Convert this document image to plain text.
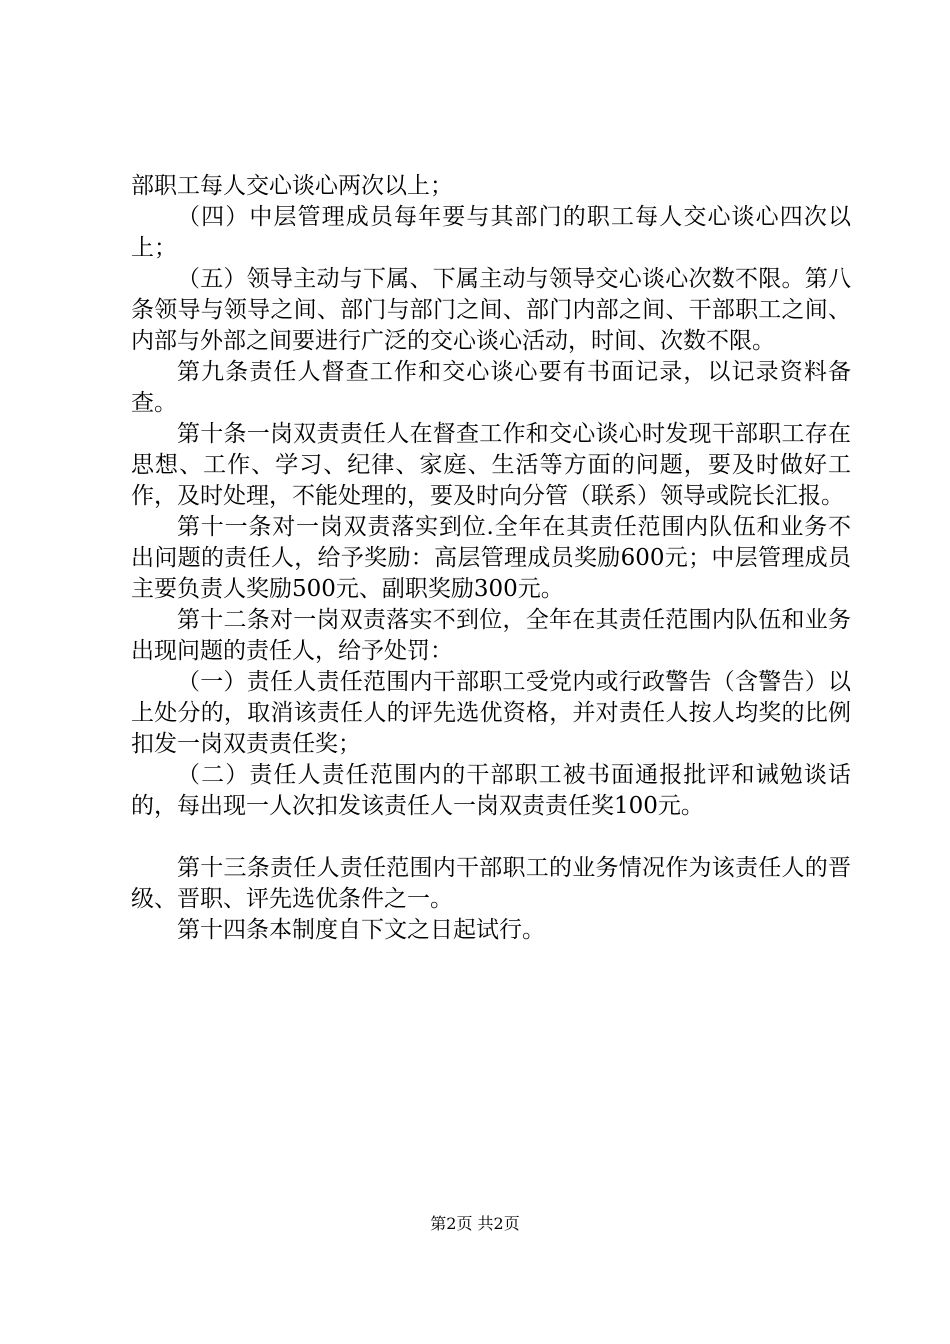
部职工每人交心谈心两次以上；

（四）中层管理成员每年要与其部门的职工每人交心谈心四次以上；

（五）领导主动与下属、下属主动与领导交心谈心次数不限。第八条领导与领导之间、部门与部门之间、部门内部之间、干部职工之间、内部与外部之间要进行广泛的交心谈心活动，时间、次数不限。

第九条责任人督查工作和交心谈心要有书面记录，以记录资料备查。

第十条一岗双责责任人在督查工作和交心谈心时发现干部职工存在思想、工作、学习、纪律、家庭、生活等方面的问题，要及时做好工作，及时处理，不能处理的，要及时向分管（联系）领导或院长汇报。

第十一条对一岗双责落实到位.全年在其责任范围内队伍和业务不出问题的责任人，给予奖励：高层管理成员奖励600元；中层管理成员主要负责人奖励500元、副职奖励300元。

第十二条对一岗双责落实不到位，全年在其责任范围内队伍和业务出现问题的责任人，给予处罚：

（一）责任人责任范围内干部职工受党内或行政警告（含警告）以上处分的，取消该责任人的评先选优资格，并对责任人按人均奖的比例扣发一岗双责责任奖；

（二）责任人责任范围内的干部职工被书面通报批评和诫勉谈话的，每出现一人次扣发该责任人一岗双责责任奖100元。

第十三条责任人责任范围内干部职工的业务情况作为该责任人的晋级、晋职、评先选优条件之一。

第十四条本制度自下文之日起试行。

第2页 共2页
